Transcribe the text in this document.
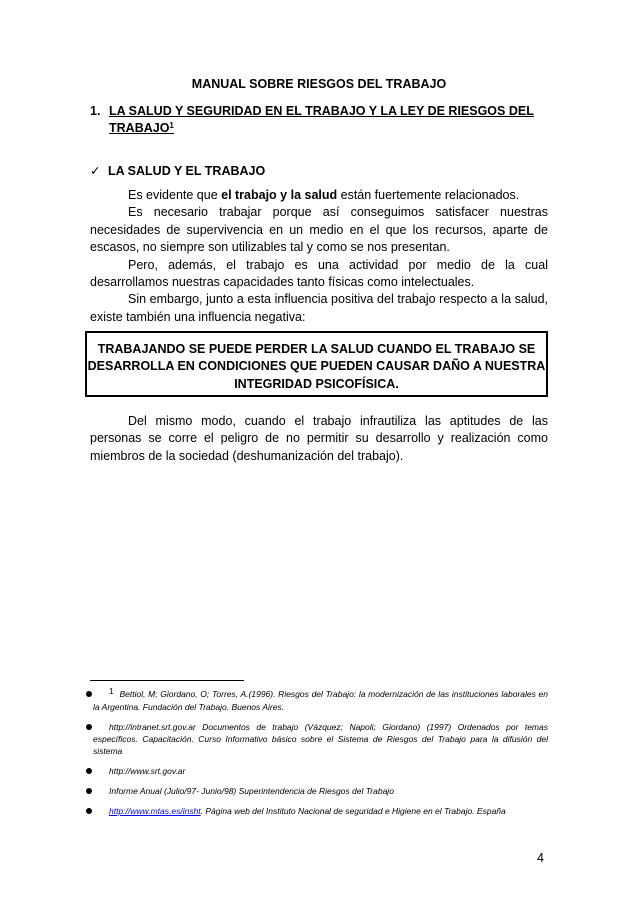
MANUAL SOBRE RIESGOS DEL TRABAJO
1. LA SALUD Y SEGURIDAD EN EL TRABAJO Y LA LEY DE RIESGOS DEL TRABAJO$^1$
✓ LA SALUD Y EL TRABAJO

Es evidente que el trabajo y la salud están fuertemente relacionados.

Es necesario trabajar porque así conseguimos satisfacer nuestras necesidades de supervivencia en un medio en el que los recursos, aparte de escasos, no siempre son utilizables tal y como se nos presentan.

Pero, además, el trabajo es una actividad por medio de la cual desarrollamos nuestras capacidades tanto físicas como intelectuales.

Sin embargo, junto a esta influencia positiva del trabajo respecto a la salud, existe también una influencia negativa:

TRABAJANDO SE PUEDE PERDER LA SALUD CUANDO EL TRABAJO SE DESARROLLA EN CONDICIONES QUE PUEDEN CAUSAR DAÑO A NUESTRA INTEGRIDAD PSICOFÍSICA.

Del mismo modo, cuando el trabajo infrautiliza las aptitudes de las personas se corre el peligro de no permitir su desarrollo y realización como miembros de la sociedad (deshumanización del trabajo).

$^1$ Bettiol, M; Giordano, O; Torres, A.(1996). Riesgos del Trabajo: la modernización de las instituciones laborales en la Argentina. Fundación del Trabajo. Buenos Aires.
http://intranet.srt.gov.ar Documentos de trabajo (Vázquez; Napoli; Giordano) (1997) Ordenados por temas específicos. Capacitación. Curso Informativo básico sobre el Sistema de Riesgos del Trabajo para la difusión del sistema
http://www.srt.gov.ar
Informe Anual (Julio/97- Junio/98) Superintendencia de Riesgos del Trabajo
http://www.mtas.es/insht. Página web del Instituto Nacional de seguridad e Higiene en el Trabajo. España
4
